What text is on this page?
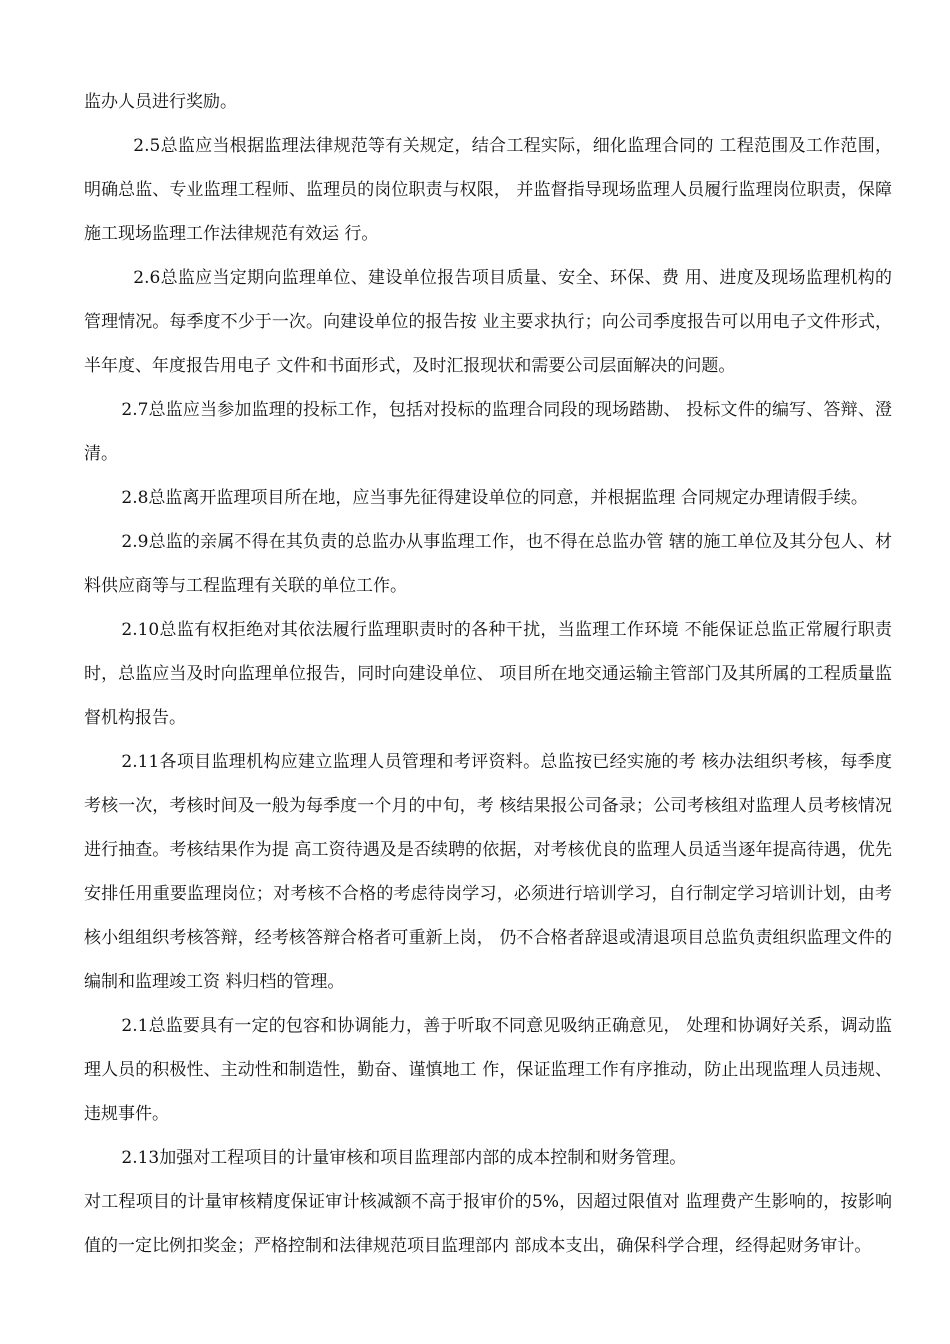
监办人员进行奖励。

2.5总监应当根据监理法律规范等有关规定，结合工程实际，细化监理合同的 工程范围及工作范围，明确总监、专业监理工程师、监理员的岗位职责与权限， 并监督指导现场监理人员履行监理岗位职责，保障施工现场监理工作法律规范有效运 行。

2.6总监应当定期向监理单位、建设单位报告项目质量、安全、环保、费 用、进度及现场监理机构的管理情况。每季度不少于一次。向建设单位的报告按 业主要求执行；向公司季度报告可以用电子文件形式，半年度、年度报告用电子 文件和书面形式，及时汇报现状和需要公司层面解决的问题。

2.7总监应当参加监理的投标工作，包括对投标的监理合同段的现场踏勘、 投标文件的编写、答辩、澄清。

2.8总监离开监理项目所在地，应当事先征得建设单位的同意，并根据监理 合同规定办理请假手续。

2.9总监的亲属不得在其负责的总监办从事监理工作，也不得在总监办管 辖的施工单位及其分包人、材料供应商等与工程监理有关联的单位工作。

2.10总监有权拒绝对其依法履行监理职责时的各种干扰，当监理工作环境 不能保证总监正常履行职责时，总监应当及时向监理单位报告，同时向建设单位、 项目所在地交通运输主管部门及其所属的工程质量监督机构报告。

2.11各项目监理机构应建立监理人员管理和考评资料。总监按已经实施的考 核办法组织考核，每季度考核一次，考核时间及一般为每季度一个月的中旬，考 核结果报公司备录；公司考核组对监理人员考核情况进行抽查。考核结果作为提 高工资待遇及是否续聘的依据，对考核优良的监理人员适当逐年提高待遇，优先 安排任用重要监理岗位；对考核不合格的考虑待岗学习，必须进行培训学习，自行制定学习培训计划，由考核小组组织考核答辩，经考核答辩合格者可重新上岗， 仍不合格者辞退或清退项目总监负责组织监理文件的编制和监理竣工资 料归档的管理。

2.1总监要具有一定的包容和协调能力，善于听取不同意见吸纳正确意见， 处理和协调好关系，调动监理人员的积极性、主动性和制造性，勤奋、谨慎地工 作，保证监理工作有序推动，防止出现监理人员违规、违规事件。

2.13加强对工程项目的计量审核和项目监理部内部的成本控制和财务管理。

对工程项目的计量审核精度保证审计核减额不高于报审价的5%，因超过限值对 监理费产生影响的，按影响值的一定比例扣奖金；严格控制和法律规范项目监理部内 部成本支出，确保科学合理，经得起财务审计。
